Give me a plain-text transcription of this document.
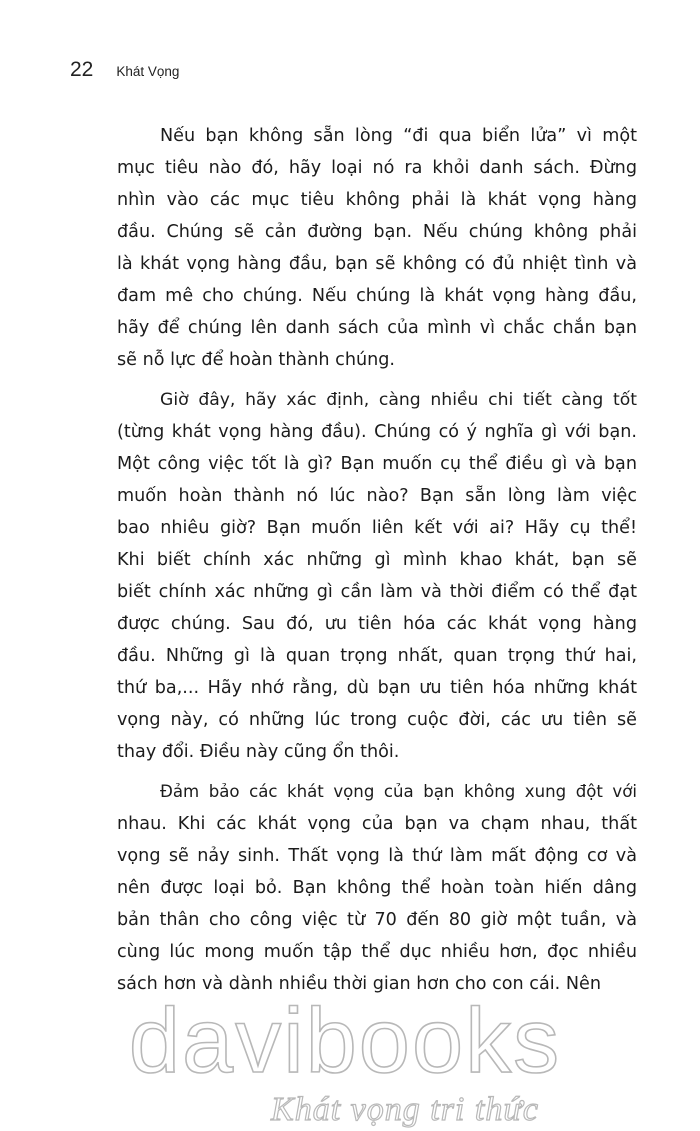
22 Khát Vọng
Nếu bạn không sẵn lòng “đi qua biển lửa” vì một
mục tiêu nào đó, hãy loại nó ra khỏi danh sách. Đừng
nhìn vào các mục tiêu không phải là khát vọng hàng
đầu. Chúng sẽ cản đường bạn. Nếu chúng không phải
là khát vọng hàng đầu, bạn sẽ không có đủ nhiệt tình và
đam mê cho chúng. Nếu chúng là khát vọng hàng đầu,
hãy để chúng lên danh sách của mình vì chắc chắn bạn
sẽ nỗ lực để hoàn thành chúng.
Giờ đây, hãy xác định, càng nhiều chi tiết càng tốt
(từng khát vọng hàng đầu). Chúng có ý nghĩa gì với bạn.
Một công việc tốt là gì? Bạn muốn cụ thể điều gì và bạn
muốn hoàn thành nó lúc nào? Bạn sẵn lòng làm việc
bao nhiêu giờ? Bạn muốn liên kết với ai? Hãy cụ thể!
Khi biết chính xác những gì mình khao khát, bạn sẽ
biết chính xác những gì cần làm và thời điểm có thể đạt
được chúng. Sau đó, ưu tiên hóa các khát vọng hàng
đầu. Những gì là quan trọng nhất, quan trọng thứ hai,
thứ ba,... Hãy nhớ rằng, dù bạn ưu tiên hóa những khát
vọng này, có những lúc trong cuộc đời, các ưu tiên sẽ
thay đổi. Điều này cũng ổn thôi.
Đảm bảo các khát vọng của bạn không xung đột với
nhau. Khi các khát vọng của bạn va chạm nhau, thất
vọng sẽ nảy sinh. Thất vọng là thứ làm mất động cơ và
nên được loại bỏ. Bạn không thể hoàn toàn hiến dâng
bản thân cho công việc từ 70 đến 80 giờ một tuần, và
cùng lúc mong muốn tập thể dục nhiều hơn, đọc nhiều
sách hơn và dành nhiều thời gian hơn cho con cái. Nên
davibooks
Khát vọng tri thức
